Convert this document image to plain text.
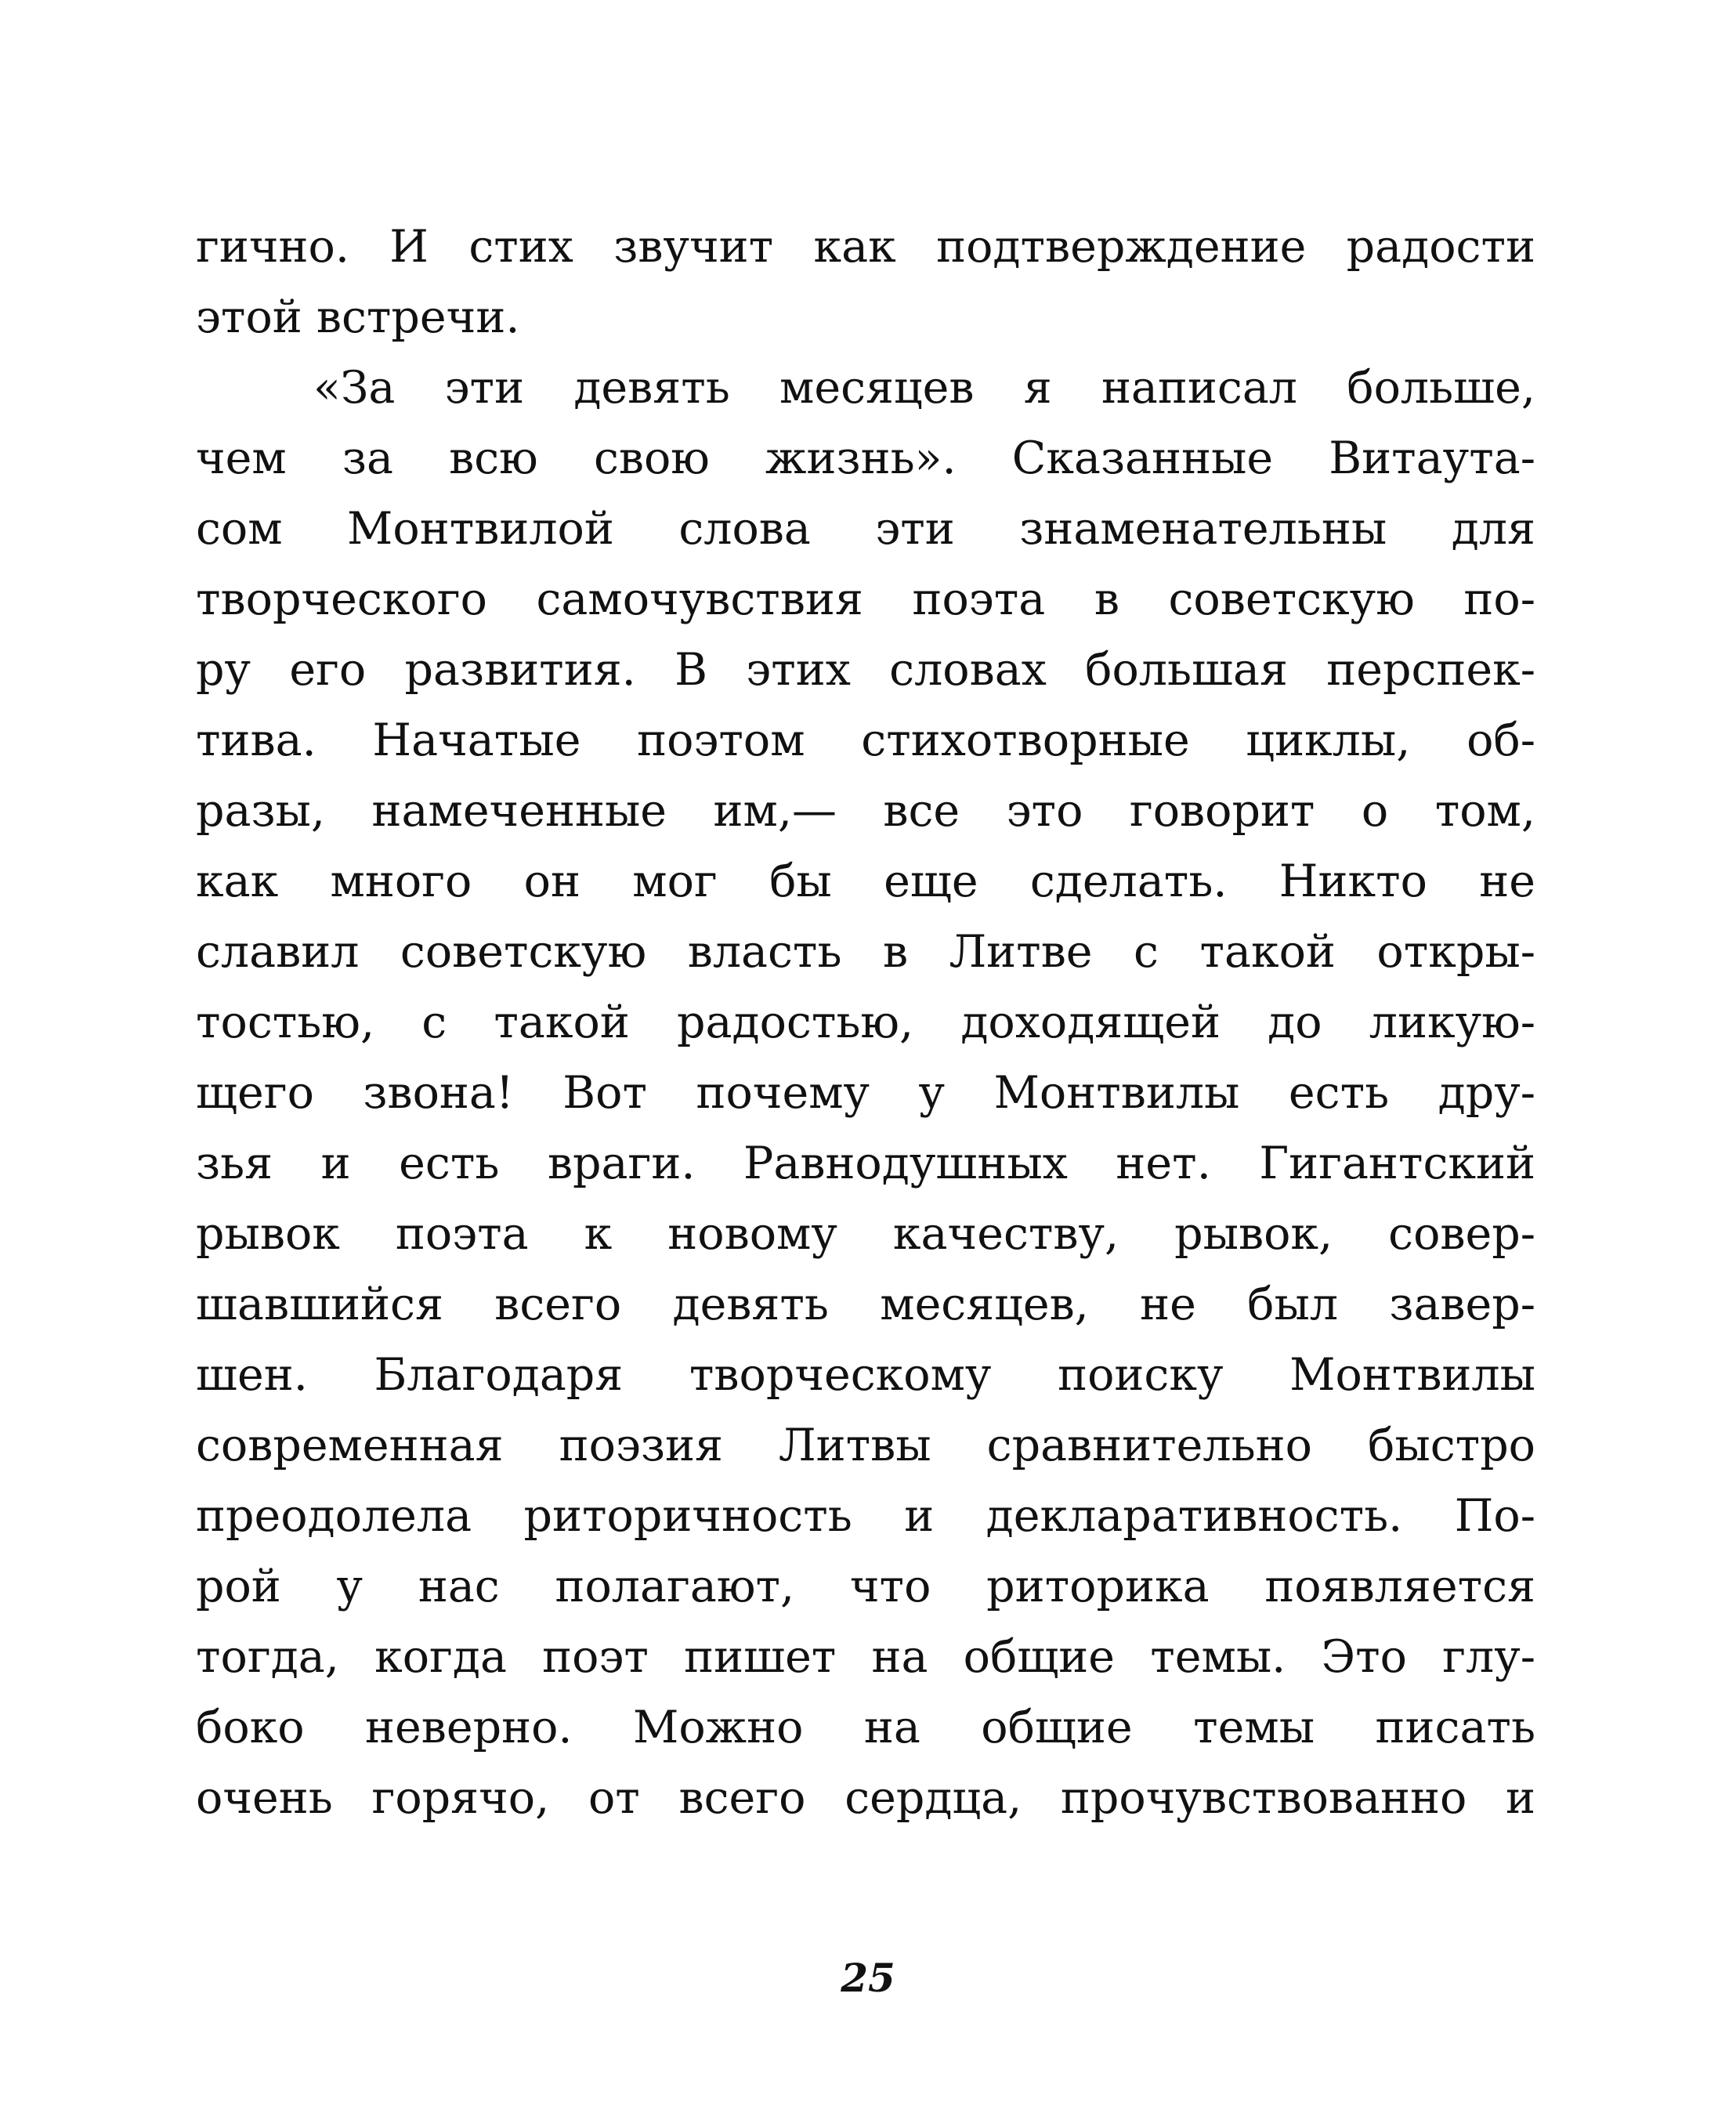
гично. И стих звучит как подтверждение радости
этой встречи.
«За эти девять месяцев я написал больше,
чем за всю свою жизнь». Сказанные Витаута-
сом Монтвилой слова эти знаменательны для
творческого самочувствия поэта в советскую по-
ру его развития. В этих словах большая перспек-
тива. Начатые поэтом стихотворные циклы, об-
разы, намеченные им,— все это говорит о том,
как много он мог бы еще сделать. Никто не
славил советскую власть в Литве с такой откры-
тостью, с такой радостью, доходящей до ликую-
щего звона! Вот почему у Монтвилы есть дру-
зья и есть враги. Равнодушных нет. Гигантский
рывок поэта к новому качеству, рывок, совер-
шавшийся всего девять месяцев, не был завер-
шен. Благодаря творческому поиску Монтвилы
современная поэзия Литвы сравнительно быстро
преодолела риторичность и декларативность. По-
рой у нас полагают, что риторика появляется
тогда, когда поэт пишет на общие темы. Это глу-
боко неверно. Можно на общие темы писать
очень горячо, от всего сердца, прочувствованно и
25
